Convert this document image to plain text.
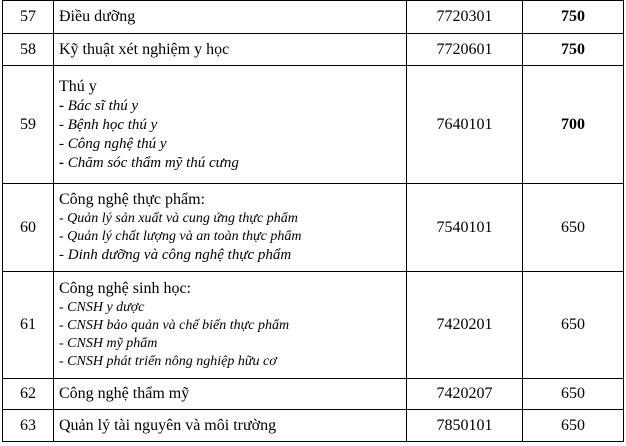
57	Điều dưỡng	7720301	750
58	Kỹ thuật xét nghiệm y học	7720601	750
59	Thú y
- Bác sĩ thú y
- Bệnh học thú y
- Công nghệ thú y
- Chăm sóc thẩm mỹ thú cưng	7640101	700
60	Công nghệ thực phẩm:
- Quản lý sản xuất và cung ứng thực phẩm
- Quản lý chất lượng và an toàn thực phẩm
- Dinh dưỡng và công nghệ thực phẩm	7540101	650
61	Công nghệ sinh học:
- CNSH y dược
- CNSH bảo quản và chế biến thực phẩm
- CNSH mỹ phẩm
- CNSH phát triển nông nghiệp hữu cơ	7420201	650
62	Công nghệ thẩm mỹ	7420207	650
63	Quản lý tài nguyên và môi trường	7850101	650
